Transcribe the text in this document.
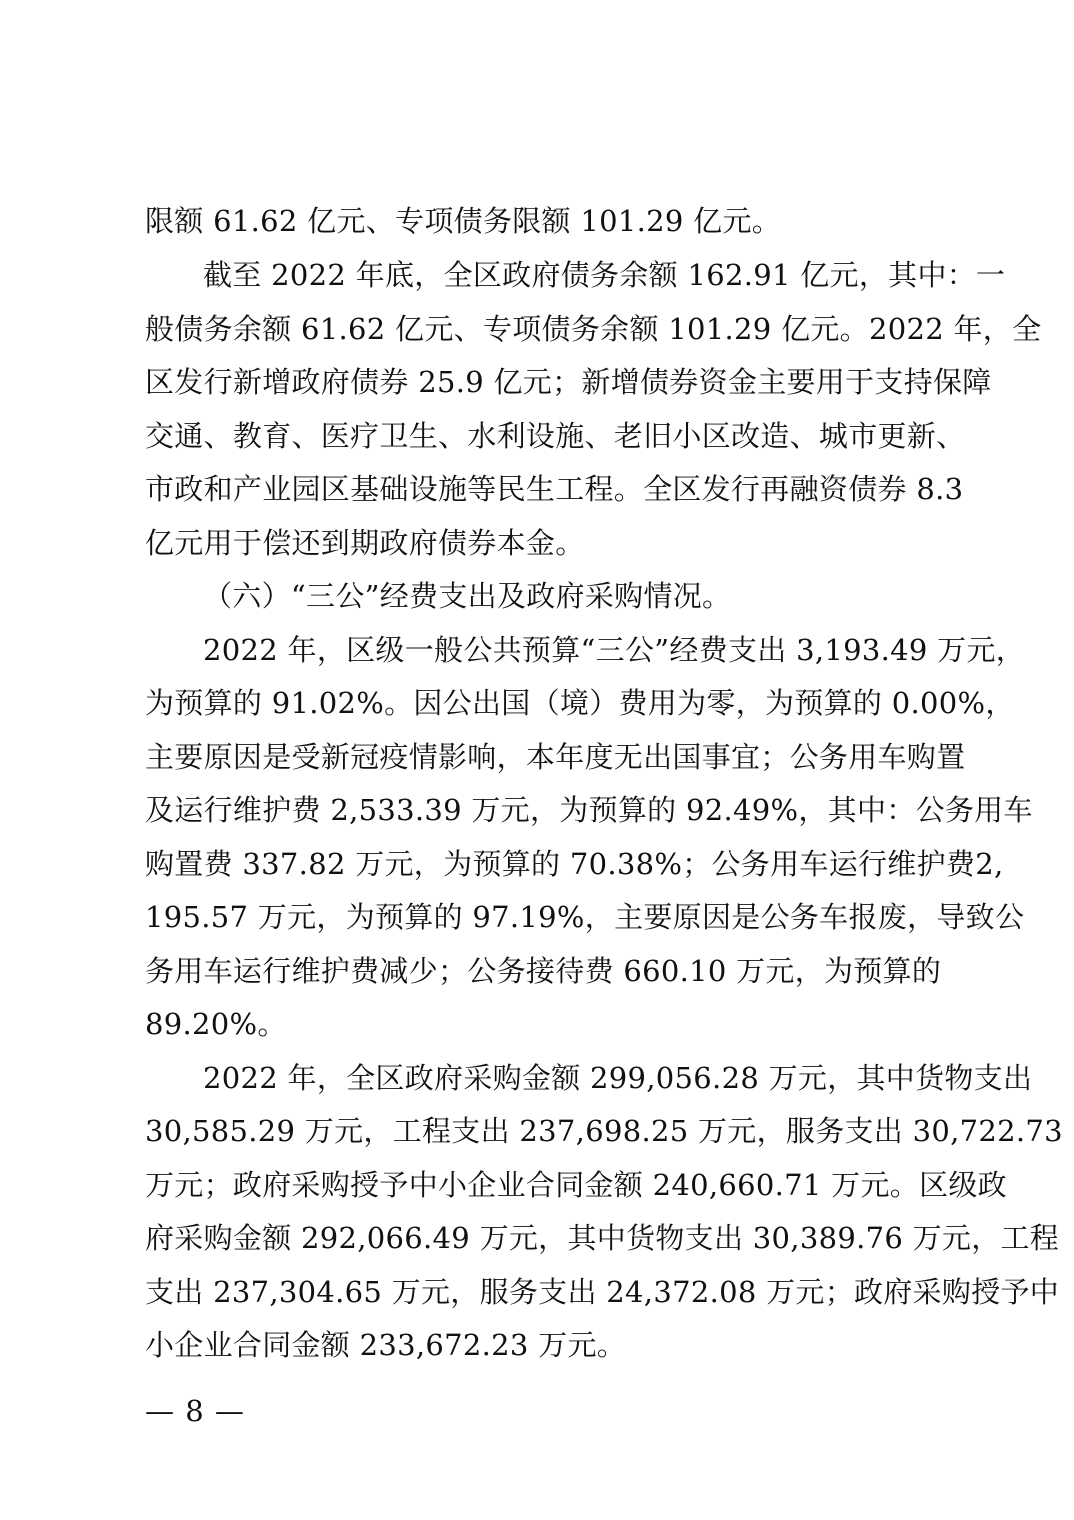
限额 61.62 亿元、专项债务限额 101.29 亿元。
截至 2022 年底，全区政府债务余额 162.91 亿元，其中：一
般债务余额 61.62 亿元、专项债务余额 101.29 亿元。2022 年，全
区发行新增政府债券 25.9 亿元；新增债券资金主要用于支持保障
交通、教育、医疗卫生、水利设施、老旧小区改造、城市更新、
市政和产业园区基础设施等民生工程。全区发行再融资债券 8.3
亿元用于偿还到期政府债券本金。
（六）“三公”经费支出及政府采购情况。
2022 年，区级一般公共预算“三公”经费支出 3,193.49 万元，
为预算的 91.02%。因公出国（境）费用为零，为预算的 0.00%，
主要原因是受新冠疫情影响，本年度无出国事宜；公务用车购置
及运行维护费 2,533.39 万元，为预算的 92.49%，其中：公务用车
购置费 337.82 万元，为预算的 70.38%；公务用车运行维护费2,
195.57 万元，为预算的 97.19%，主要原因是公务车报废，导致公
务用车运行维护费减少；公务接待费 660.10 万元，为预算的
89.20%。
2022 年，全区政府采购金额 299,056.28 万元，其中货物支出
30,585.29 万元，工程支出 237,698.25 万元，服务支出 30,722.73
万元；政府采购授予中小企业合同金额 240,660.71 万元。区级政
府采购金额 292,066.49 万元，其中货物支出 30,389.76 万元，工程
支出 237,304.65 万元，服务支出 24,372.08 万元；政府采购授予中
小企业合同金额 233,672.23 万元。
— 8 —
